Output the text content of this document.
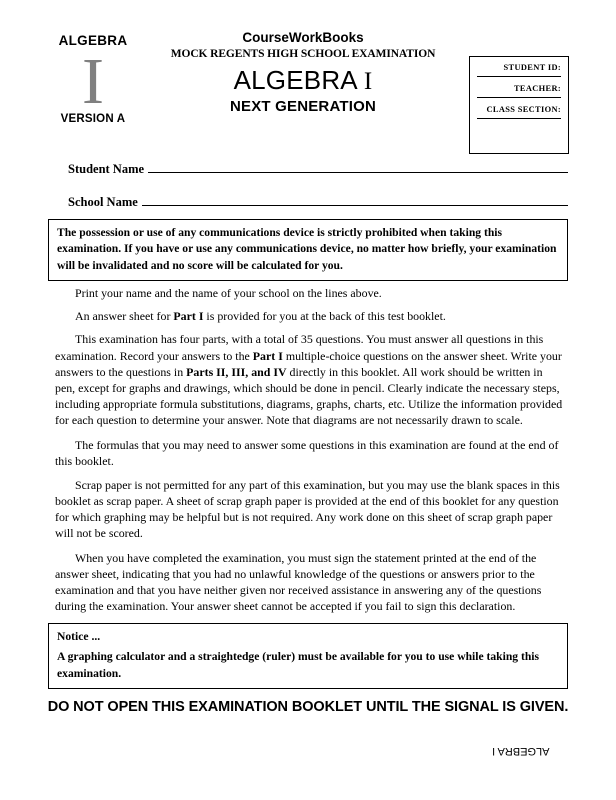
ALGEBRA
I
VERSION A
CourseWorkBooks
MOCK REGENTS HIGH SCHOOL EXAMINATION
ALGEBRA I
NEXT GENERATION
STUDENT ID:
TEACHER:
CLASS SECTION:
Student Name
School Name
The possession or use of any communications device is strictly prohibited when taking this examination. If you have or use any communications device, no matter how briefly, your examination will be invalidated and no score will be calculated for you.

Print your name and the name of your school on the lines above.

An answer sheet for Part I is provided for you at the back of this test booklet.

This examination has four parts, with a total of 35 questions. You must answer all questions in this examination. Record your answers to the Part I multiple-choice questions on the answer sheet. Write your answers to the questions in Parts II, III, and IV directly in this booklet. All work should be written in pen, except for graphs and drawings, which should be done in pencil. Clearly indicate the necessary steps, including appropriate formula substitutions, diagrams, graphs, charts, etc. Utilize the information provided for each question to determine your answer. Note that diagrams are not necessarily drawn to scale.

The formulas that you may need to answer some questions in this examination are found at the end of this booklet.

Scrap paper is not permitted for any part of this examination, but you may use the blank spaces in this booklet as scrap paper. A sheet of scrap graph paper is provided at the end of this booklet for any question for which graphing may be helpful but is not required. Any work done on this sheet of scrap graph paper will not be scored.

When you have completed the examination, you must sign the statement printed at the end of the answer sheet, indicating that you had no unlawful knowledge of the questions or answers prior to the examination and that you have neither given nor received assistance in answering any of the questions during the examination. Your answer sheet cannot be accepted if you fail to sign this declaration.

Notice ...
A graphing calculator and a straightedge (ruler) must be available for you to use while taking this examination.
DO NOT OPEN THIS EXAMINATION BOOKLET UNTIL THE SIGNAL IS GIVEN.
ALGEBRA I
